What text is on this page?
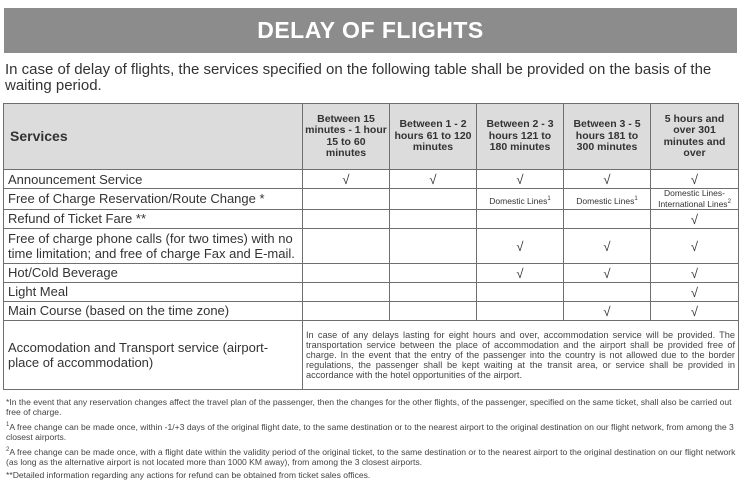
DELAY OF FLIGHTS

In case of delay of flights, the services specified on the following table shall be provided on the basis of the waiting period.

Services	Between 15 minutes - 1 hour 15 to 60 minutes	Between 1 - 2 hours 61 to 120 minutes	Between 2 - 3 hours 121 to 180 minutes	Between 3 - 5 hours 181 to 300 minutes	5 hours and over 301 minutes and over
Announcement Service	√	√	√	√	√
Free of Charge Reservation/Route Change *			Domestic Lines$^1$	Domestic Lines$^1$	Domestic Lines-
International Lines$^2$

Refund of Ticket Fare **					√
Free of charge phone calls (for two times) with no time limitation; and free of charge Fax and E-mail.			√	√	√
Hot/Cold Beverage			√	√	√
Light Meal					√
Main Course (based on the time zone)				√	√
Accomodation and Transport service (airport-place of accommodation)	In case of any delays lasting for eight hours and over, accommodation service will be provided. The transportation service between the place of accommodation and the airport shall be provided free of charge. In the event that the entry of the passenger into the country is not allowed due to the border regulations, the passenger shall be kept waiting at the transit area, or service shall be provided in accordance with the hotel opportunities of the airport.				

*In the event that any reservation changes affect the travel plan of the passenger, then the changes for the other flights, of the passenger, specified on the same ticket, shall also be carried out free of charge.

$^1$A free change can be made once, within -1/+3 days of the original flight date, to the same destination or to the nearest airport to the original destination on our flight network, from among the 3 closest airports.

$^2$A free change can be made once, with a flight date within the validity period of the original ticket, to the same destination or to the nearest airport to the original destination on our flight network (as long as the alternative airport is not located more than 1000 KM away), from among the 3 closest airports.

**Detailed information regarding any actions for refund can be obtained from ticket sales offices.
